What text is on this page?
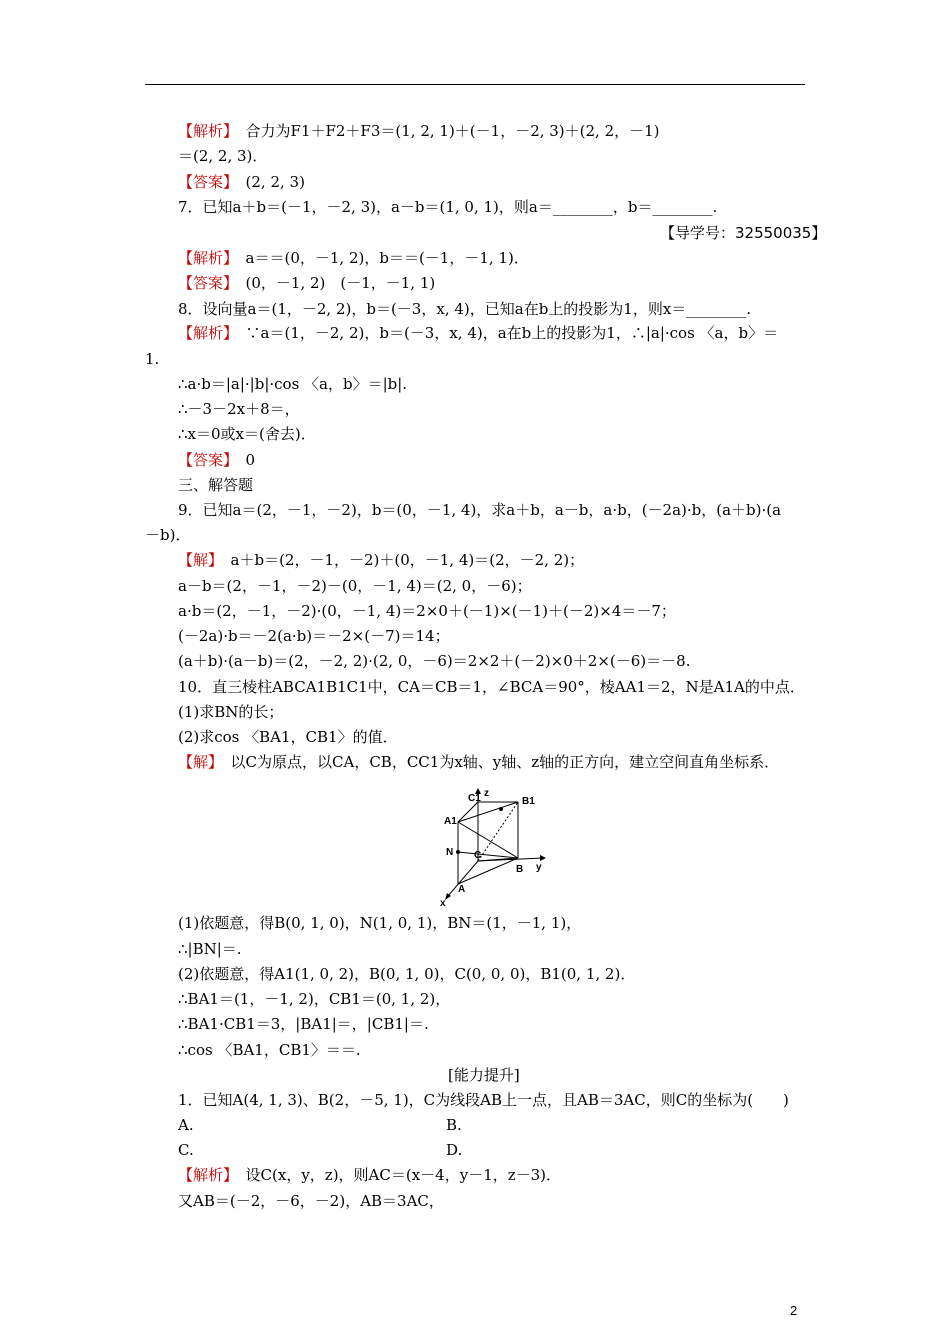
【解析】　 合力为F1＋F2＋F3＝(1, 2, 1)＋(－1，－2, 3)＋(2, 2，－1)
＝(2, 2, 3)．
【答案】　 (2, 2, 3)
7．已知a＋b＝(－1，－2, 3)，a－b＝(1, 0, 1)，则a＝________，b＝________.
【导学号：32550035】
【解析】　 a＝＝(0，－1, 2)，b＝＝(－1，－1, 1)．
【答案】　 (0，－1, 2)　(－1，－1, 1)
8．设向量a＝(1，－2, 2)，b＝(－3，x, 4)，已知a在b上的投影为1，则x＝________.
【解析】　 ∵a＝(1，－2, 2)，b＝(－3，x, 4)，a在b上的投影为1，∴|a|·cos 〈a，b〉＝
1.
∴a·b＝|a|·|b|·cos 〈a，b〉＝|b|.
∴－3－2x＋8＝，
∴x＝0或x＝(舍去)．
【答案】　 0
三、解答题
9．已知a＝(2，－1，－2)，b＝(0，－1, 4)，求a＋b，a－b，a·b，(－2a)·b，(a＋b)·(a
－b)．
【解】　 a＋b＝(2，－1，－2)＋(0，－1, 4)＝(2，－2, 2)；
a－b＝(2，－1，－2)－(0，－1, 4)＝(2, 0，－6)；
a·b＝(2，－1，－2)·(0，－1, 4)＝2×0＋(－1)×(－1)＋(－2)×4＝－7；
(－2a)·b＝－2(a·b)＝－2×(－7)＝14；
(a＋b)·(a－b)＝(2，－2, 2)·(2, 0，－6)＝2×2＋(－2)×0＋2×(－6)＝－8.
10．直三棱柱ABCA1B1C1中，CA＝CB＝1，∠BCA＝90°，棱AA1＝2，N是A1A的中点．
(1)求BN的长；
(2)求cos 〈BA1，CB1〉的值．
【解】　 以C为原点，以CA，CB，CC1为x轴、y轴、z轴的正方向，建立空间直角坐标系．
z
y
x
C1	B1
A1
N C
B
A
(1)依题意，得B(0, 1, 0)，N(1, 0, 1)，BN＝(1，－1, 1)，
∴|BN|＝.
(2)依题意，得A1(1, 0, 2)，B(0, 1, 0)，C(0, 0, 0)，B1(0, 1, 2)．
∴BA1＝(1，－1, 2)，CB1＝(0, 1, 2)，
∴BA1·CB1＝3，|BA1|＝，|CB1|＝.
∴cos 〈BA1，CB1〉＝＝.
[能力提升]
1．已知A(4, 1, 3)、B(2，－5, 1)，C为线段AB上一点，且AB＝3AC，则C的坐标为(　　)
A.	B.
C.	D.
【解析】　 设C(x，y，z)，则AC＝(x－4，y－1，z－3)．
又AB＝(－2，－6，－2)，AB＝3AC，
2
